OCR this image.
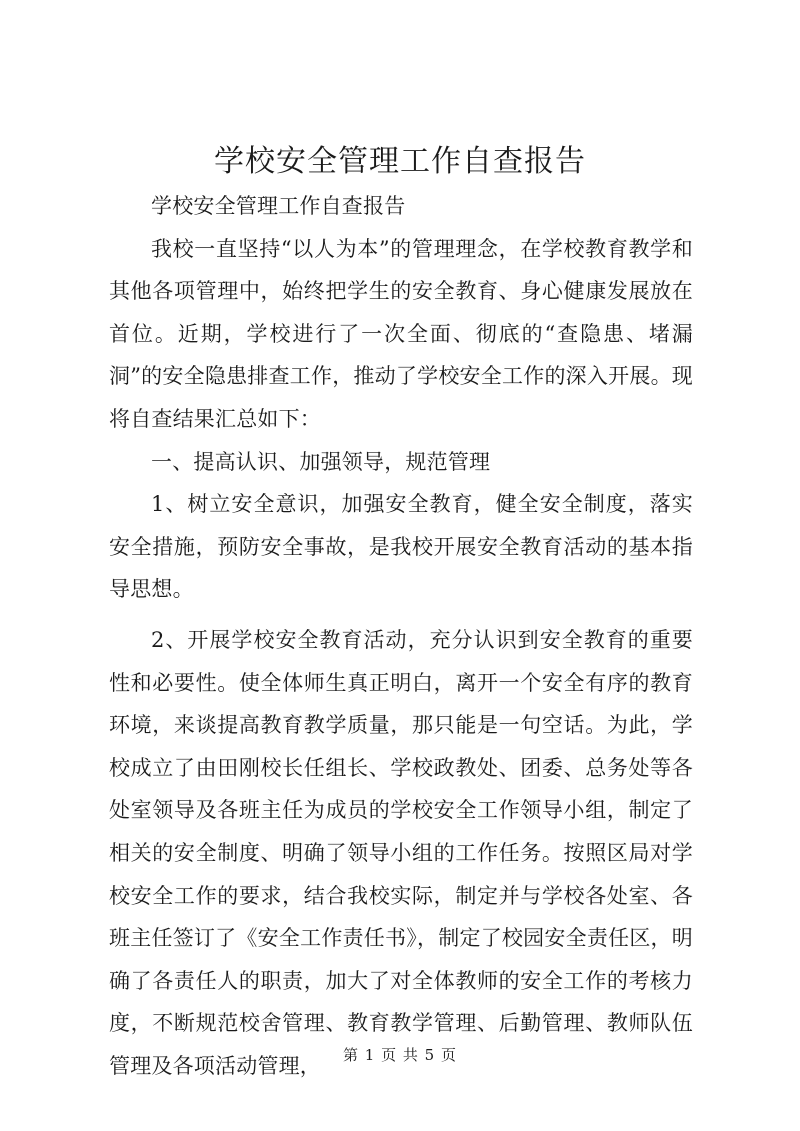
学校安全管理工作自查报告

学校安全管理工作自查报告

我校一直坚持“以人为本”的管理理念，在学校教育教学和其他各项管理中，始终把学生的安全教育、身心健康发展放在首位。近期，学校进行了一次全面、彻底的“查隐患、堵漏洞”的安全隐患排查工作，推动了学校安全工作的深入开展。现将自查结果汇总如下：

一、提高认识、加强领导，规范管理

1、树立安全意识，加强安全教育，健全安全制度，落实安全措施，预防安全事故，是我校开展安全教育活动的基本指导思想。

2、开展学校安全教育活动，充分认识到安全教育的重要性和必要性。使全体师生真正明白，离开一个安全有序的教育环境，来谈提高教育教学质量，那只能是一句空话。为此，学校成立了由田刚校长任组长、学校政教处、团委、总务处等各处室领导及各班主任为成员的学校安全工作领导小组，制定了相关的安全制度、明确了领导小组的工作任务。按照区局对学校安全工作的要求，结合我校实际，制定并与学校各处室、各班主任签订了《安全工作责任书》，制定了校园安全责任区，明确了各责任人的职责，加大了对全体教师的安全工作的考核力度，不断规范校舍管理、教育教学管理、后勤管理、教师队伍管理及各项活动管理，	第 1 页 共 5 页
